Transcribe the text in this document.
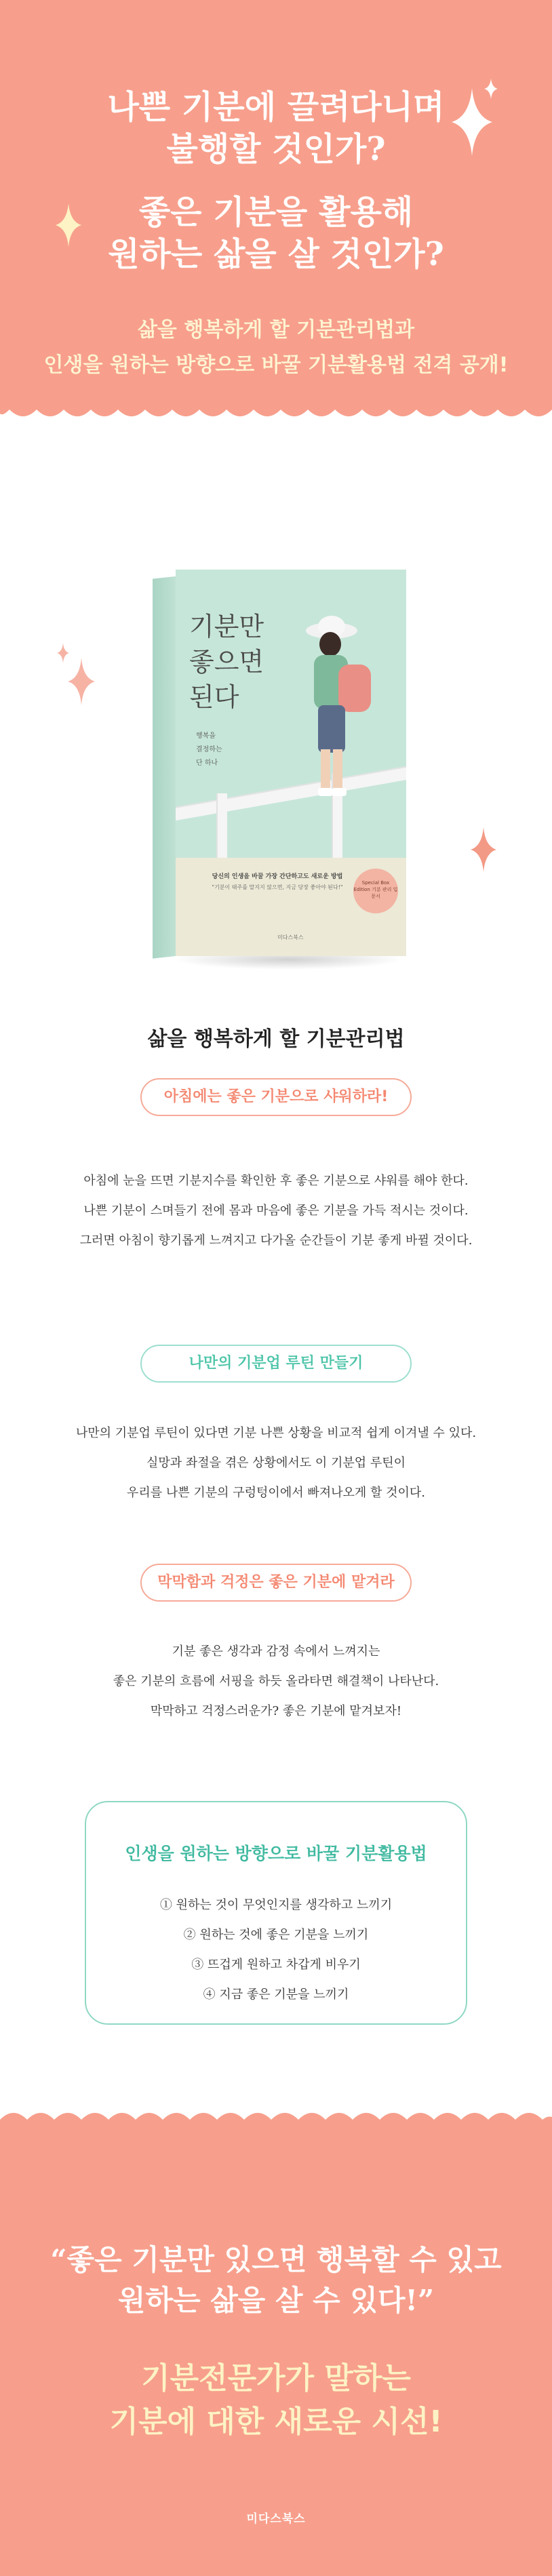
나쁜 기분에 끌려다니며
불행할 것인가?
좋은 기분을 활용해
원하는 삶을 살 것인가?
삶을 행복하게 할 기분관리법과
인생을 원하는 방향으로 바꿀 기분활용법 전격 공개!
기분만
좋으면
된다
행복을
결정하는
단 하나
당신의 인생을 바꿀 가장 간단하고도 새로운 방법
"기분이 태주를 말지지 않으면, 지금 당장 좋아야 된다!"
Special Box Edition 기분 관리 입문서
미다스북스
삶을 행복하게 할 기분관리법
아침에는 좋은 기분으로 샤워하라!
아침에 눈을 뜨면 기분지수를 확인한 후 좋은 기분으로 샤워를 해야 한다.
나쁜 기분이 스며들기 전에 몸과 마음에 좋은 기분을 가득 적시는 것이다.
그러면 아침이 향기롭게 느껴지고 다가올 순간들이 기분 좋게 바뀔 것이다.
나만의 기분업 루틴 만들기
나만의 기분업 루틴이 있다면 기분 나쁜 상황을 비교적 쉽게 이겨낼 수 있다.
실망과 좌절을 겪은 상황에서도 이 기분업 루틴이
우리를 나쁜 기분의 구렁텅이에서 빠져나오게 할 것이다.
막막함과 걱정은 좋은 기분에 맡겨라
기분 좋은 생각과 감정 속에서 느껴지는
좋은 기분의 흐름에 서핑을 하듯 올라타면 해결책이 나타난다.
막막하고 걱정스러운가? 좋은 기분에 맡겨보자!
인생을 원하는 방향으로 바꿀 기분활용법
① 원하는 것이 무엇인지를 생각하고 느끼기
② 원하는 것에 좋은 기분을 느끼기
③ 뜨겁게 원하고 차갑게 비우기
④ 지금 좋은 기분을 느끼기
“좋은 기분만 있으면 행복할 수 있고
원하는 삶을 살 수 있다!”
기분전문가가 말하는
기분에 대한 새로운 시선!
미다스북스
